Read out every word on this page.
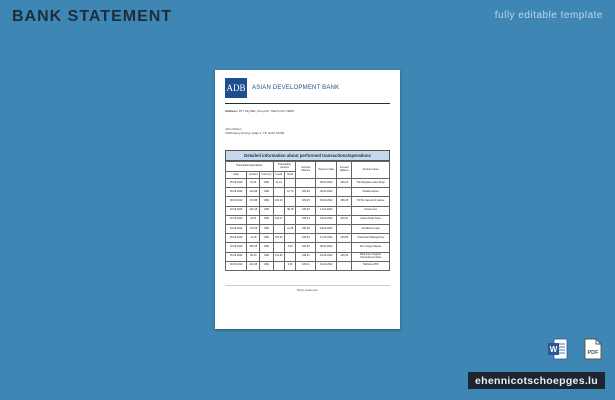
BANK STATEMENT	fully editable template
ADB ASIAN DEVELOPMENT BANK
Address: 977 Tây Bắc, Khu phố, Thành phố 74208
John Citizen
7028 Hùng Vương, Quận 1, TP. HCM 76748
Detailed information about performed transactions/operations
Transactions/operations			Transaction amount		Account balance	Payment date	Account balance	Account name
Date	Amount	Currency	Credit	Debit				
05.03.2022	10,41	USD	11,41			06.03.2022	490,20	The Marylane Cake Shop
09.03.2022	134,98	USD		12,72	405,48	09.03.2022		Sharda Garten
08.03.2022	170,88	USD	115,10		405,25	09.03.2022	366,25	TOTAL Sacred of Justice
18.03.2022	440,18	USD		48,18	436,49	11.03.2022		Ncome Ltd
22.03.2022	32,41	USD	120,17		449,24	23.03.2022	220,00	Active Outlet Store
23.03.2022	170,08	USD		11,35	446,28	23.03.2022		Jonathan's Lady
09.03.2022	11,18	USD	115,90		436,54	17.03.2022	316,89	Chinnchat Sharing Area
10.03.2022	395,08	USD		3,90	436,49	08.03.2022		Dim Cuppy Sweets
30.03.2022	96,40	USD	110,83		449,21	18.03.2022	410,00	Bold Farm Organic Convenience Store
30.03.2022	212,08	USD		0,01	433,21	19.03.2022		Hellmore ATM
Bank statement
W	PDF
ehennicotschoepges.lu
